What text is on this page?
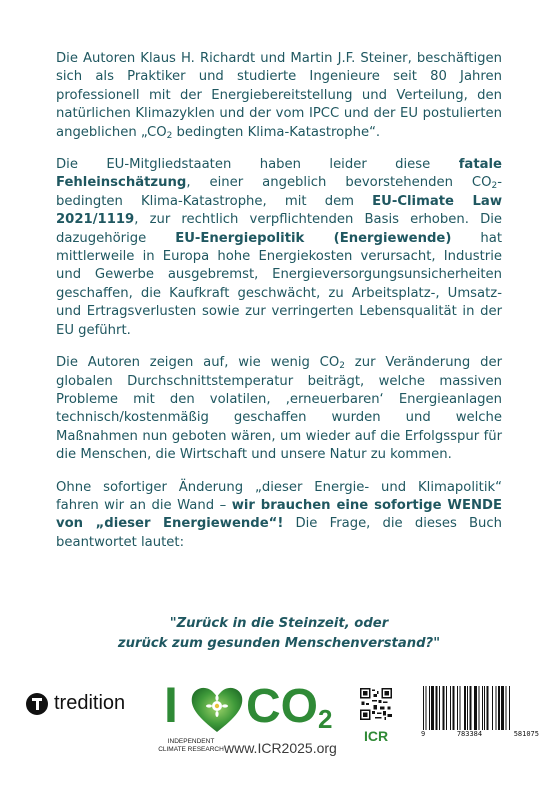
Die Autoren Klaus H. Richardt und Martin J.F. Steiner, beschäftigen sich als Praktiker und studierte Ingenieure seit 80 Jahren professionell mit der Energiebereitstellung und Verteilung, den natürlichen Klimazyklen und der vom IPCC und der EU postulierten angeblichen $„CO_2$ bedingten Klima-Katastrophe“.

Die EU-Mitgliedstaaten haben leider diese fatale Fehleinschätzung, einer angeblich bevorstehenden $CO_2$-bedingten Klima-Katastrophe, mit dem EU-Climate Law 2021/1119, zur rechtlich verpflichtenden Basis erhoben. Die dazugehörige EU-Energiepolitik (Energiewende) hat mittlerweile in Europa hohe Energiekosten verursacht, Industrie und Gewerbe ausgebremst, Energieversorgungsunsicherheiten geschaffen, die Kaufkraft geschwächt, zu Arbeitsplatz-, Umsatz- und Ertragsverlusten sowie zur verringerten Lebensqualität in der EU geführt.

Die Autoren zeigen auf, wie wenig $CO_2$ zur Veränderung der globalen Durchschnittstemperatur beiträgt, welche massiven Probleme mit den volatilen, ‚erneuerbaren‘ Energieanlagen technisch/kostenmäßig geschaffen wurden und welche Maßnahmen nun geboten wären, um wieder auf die Erfolgsspur für die Menschen, die Wirtschaft und unsere Natur zu kommen.

Ohne sofortiger Änderung „dieser Energie- und Klimapolitik“ fahren wir an die Wand – wir brauchen eine sofortige WENDE von „dieser Energiewende“! Die Frage, die dieses Buch beantwortet lautet:

"Zurück in die Steinzeit, oder
zurück zum gesunden Menschenverstand?"
tredition I $CO_2$
INDEPENDENT
CLIMATE RESEARCH www.ICR2025.org
ICR	9	783384	581075
